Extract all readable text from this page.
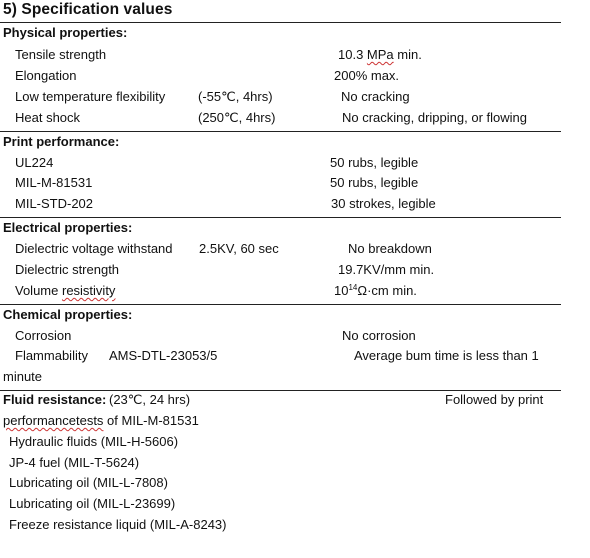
5) Specification values
Physical properties:
Tensile strength	10.3 MPa min.
Elongation	200% max.
Low temperature flexibility	(-55℃, 4hrs)	No cracking
Heat shock	(250℃, 4hrs)	No cracking, dripping, or flowing
Print performance:
UL224	50 rubs, legible
MIL-M-81531	50 rubs, legible
MIL-STD-202	30 strokes, legible
Electrical properties:
Dielectric voltage withstand 2.5KV, 60 sec	No breakdown
Dielectric strength	19.7KV/mm min.
Volume resistivity	$10^{14}\Omega\cdot cm$ min.
Chemical properties:
Corrosion	No corrosion
Flammability AMS-DTL-23053/5	Average bum time is less than 1
minute
Fluid resistance: (23℃, 24 hrs)	Followed by print
performancetests of MIL-M-81531
Hydraulic fluids (MIL-H-5606)
JP-4 fuel (MIL-T-5624)
Lubricating oil (MIL-L-7808)
Lubricating oil (MIL-L-23699)
Freeze resistance liquid (MIL-A-8243)
